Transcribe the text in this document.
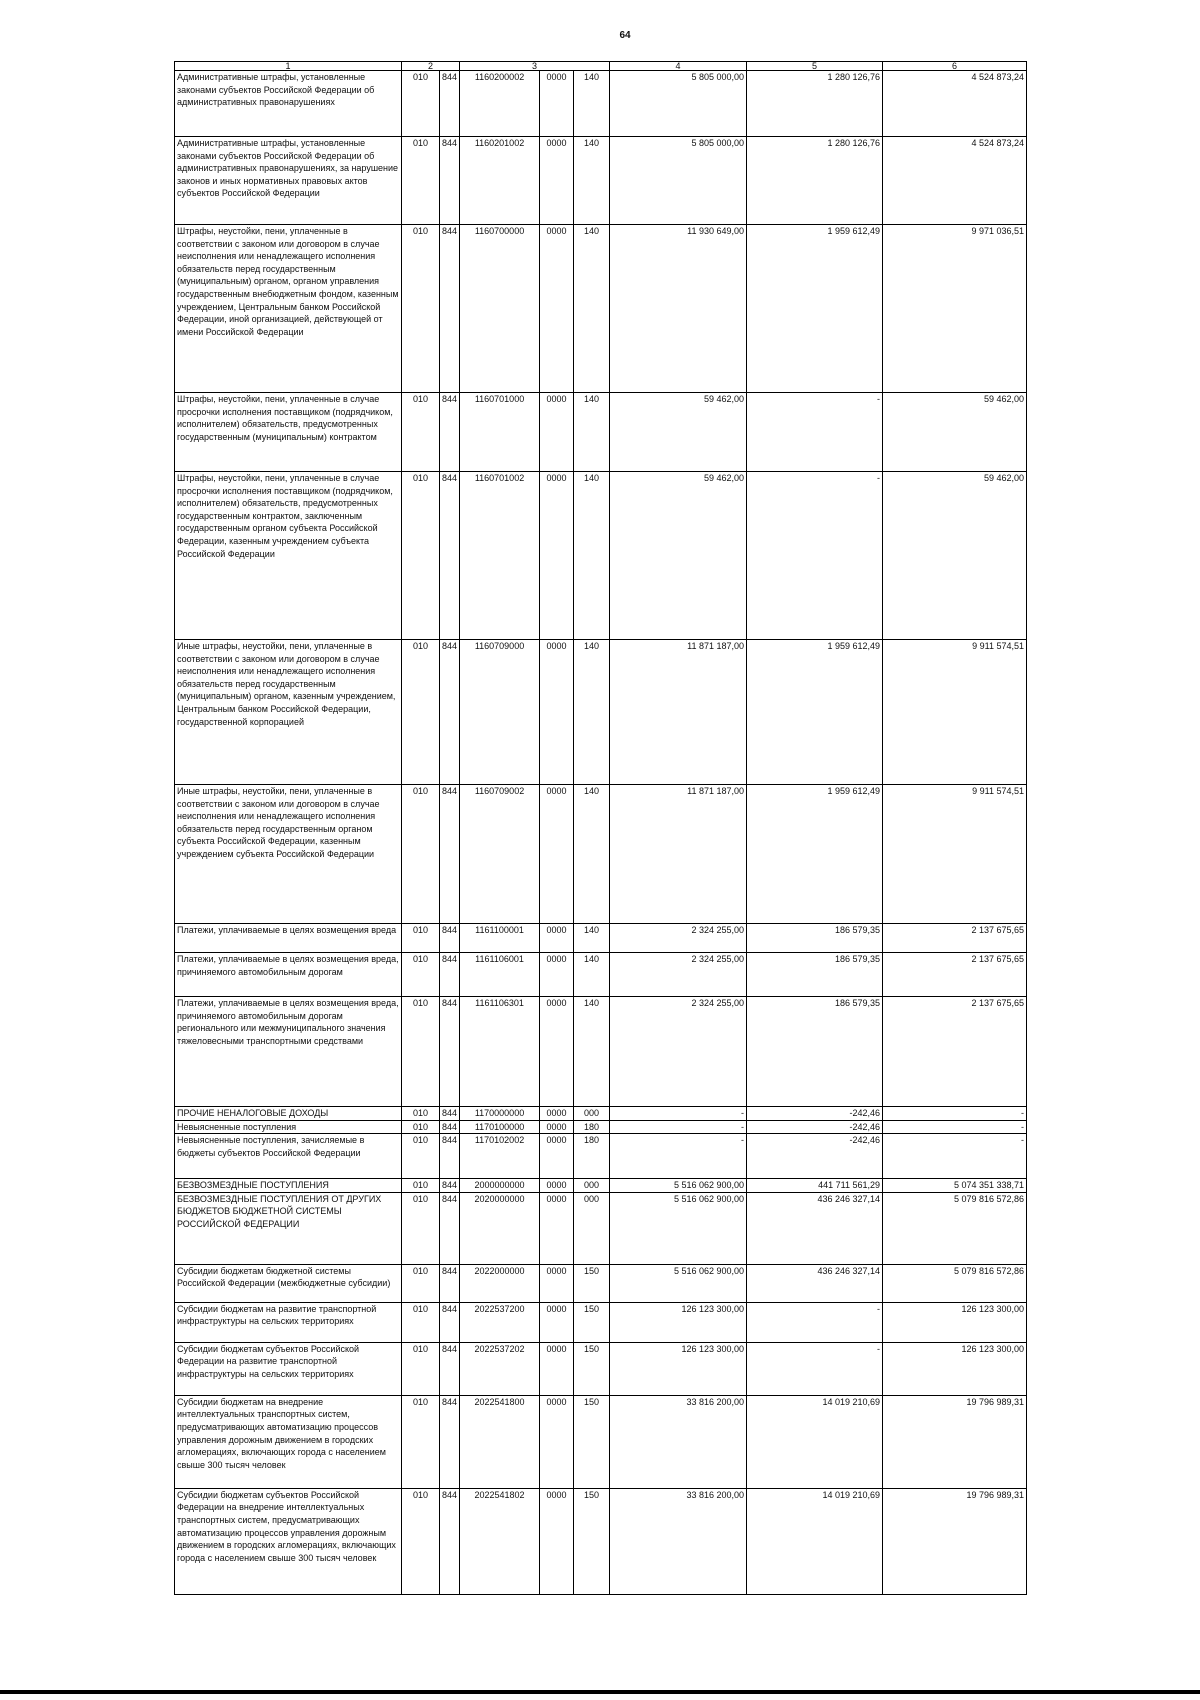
64
1	2		3			4	5	6
Административные штрафы, установленные законами субъектов Российской Федерации об административных правонарушениях	010	844	1160200002	0000	140	5 805 000,00	1 280 126,76	4 524 873,24
Административные штрафы, установленные законами субъектов Российской Федерации об административных правонарушениях, за нарушение законов и иных нормативных правовых актов субъектов Российской Федерации	010	844	1160201002	0000	140	5 805 000,00	1 280 126,76	4 524 873,24
Штрафы, неустойки, пени, уплаченные в соответствии с законом или договором в случае неисполнения или ненадлежащего исполнения обязательств перед государственным (муниципальным) органом, органом управления государственным внебюджетным фондом, казенным учреждением, Центральным банком Российской Федерации, иной организацией, действующей от имени Российской Федерации	010	844	1160700000	0000	140	11 930 649,00	1 959 612,49	9 971 036,51
Штрафы, неустойки, пени, уплаченные в случае просрочки исполнения поставщиком (подрядчиком, исполнителем) обязательств, предусмотренных государственным (муниципальным) контрактом	010	844	1160701000	0000	140	59 462,00	-	59 462,00
Штрафы, неустойки, пени, уплаченные в случае просрочки исполнения поставщиком (подрядчиком, исполнителем) обязательств, предусмотренных государственным контрактом, заключенным государственным органом субъекта Российской Федерации, казенным учреждением субъекта Российской Федерации	010	844	1160701002	0000	140	59 462,00	-	59 462,00
Иные штрафы, неустойки, пени, уплаченные в соответствии с законом или договором в случае неисполнения или ненадлежащего исполнения обязательств перед государственным (муниципальным) органом, казенным учреждением, Центральным банком Российской Федерации, государственной корпорацией	010	844	1160709000	0000	140	11 871 187,00	1 959 612,49	9 911 574,51
Иные штрафы, неустойки, пени, уплаченные в соответствии с законом или договором в случае неисполнения или ненадлежащего исполнения обязательств перед государственным органом субъекта Российской Федерации, казенным учреждением субъекта Российской Федерации	010	844	1160709002	0000	140	11 871 187,00	1 959 612,49	9 911 574,51
Платежи, уплачиваемые в целях возмещения вреда	010	844	1161100001	0000	140	2 324 255,00	186 579,35	2 137 675,65
Платежи, уплачиваемые в целях возмещения вреда, причиняемого автомобильным дорогам	010	844	1161106001	0000	140	2 324 255,00	186 579,35	2 137 675,65
Платежи, уплачиваемые в целях возмещения вреда, причиняемого автомобильным дорогам регионального или межмуниципального значения тяжеловесными транспортными средствами	010	844	1161106301	0000	140	2 324 255,00	186 579,35	2 137 675,65
ПРОЧИЕ НЕНАЛОГОВЫЕ ДОХОДЫ	010	844	1170000000	0000	000	-	-242,46	-
Невыясненные поступления	010	844	1170100000	0000	180	-	-242,46	-
Невыясненные поступления, зачисляемые в бюджеты субъектов Российской Федерации	010	844	1170102002	0000	180	-	-242,46	-
БЕЗВОЗМЕЗДНЫЕ ПОСТУПЛЕНИЯ	010	844	2000000000	0000	000	5 516 062 900,00	441 711 561,29	5 074 351 338,71
БЕЗВОЗМЕЗДНЫЕ ПОСТУПЛЕНИЯ ОТ ДРУГИХ БЮДЖЕТОВ БЮДЖЕТНОЙ СИСТЕМЫ РОССИЙСКОЙ ФЕДЕРАЦИИ	010	844	2020000000	0000	000	5 516 062 900,00	436 246 327,14	5 079 816 572,86
Субсидии бюджетам бюджетной системы Российской Федерации (межбюджетные субсидии)	010	844	2022000000	0000	150	5 516 062 900,00	436 246 327,14	5 079 816 572,86
Субсидии бюджетам на развитие транспортной инфраструктуры на сельских территориях	010	844	2022537200	0000	150	126 123 300,00	-	126 123 300,00
Субсидии бюджетам субъектов Российской Федерации на развитие транспортной инфраструктуры на сельских территориях	010	844	2022537202	0000	150	126 123 300,00	-	126 123 300,00
Субсидии бюджетам на внедрение интеллектуальных транспортных систем, предусматривающих автоматизацию процессов управления дорожным движением в городских агломерациях, включающих города с населением свыше 300 тысяч человек	010	844	2022541800	0000	150	33 816 200,00	14 019 210,69	19 796 989,31
Субсидии бюджетам субъектов Российской Федерации на внедрение интеллектуальных транспортных систем, предусматривающих автоматизацию процессов управления дорожным движением в городских агломерациях, включающих города с населением свыше 300 тысяч человек	010	844	2022541802	0000	150	33 816 200,00	14 019 210,69	19 796 989,31
